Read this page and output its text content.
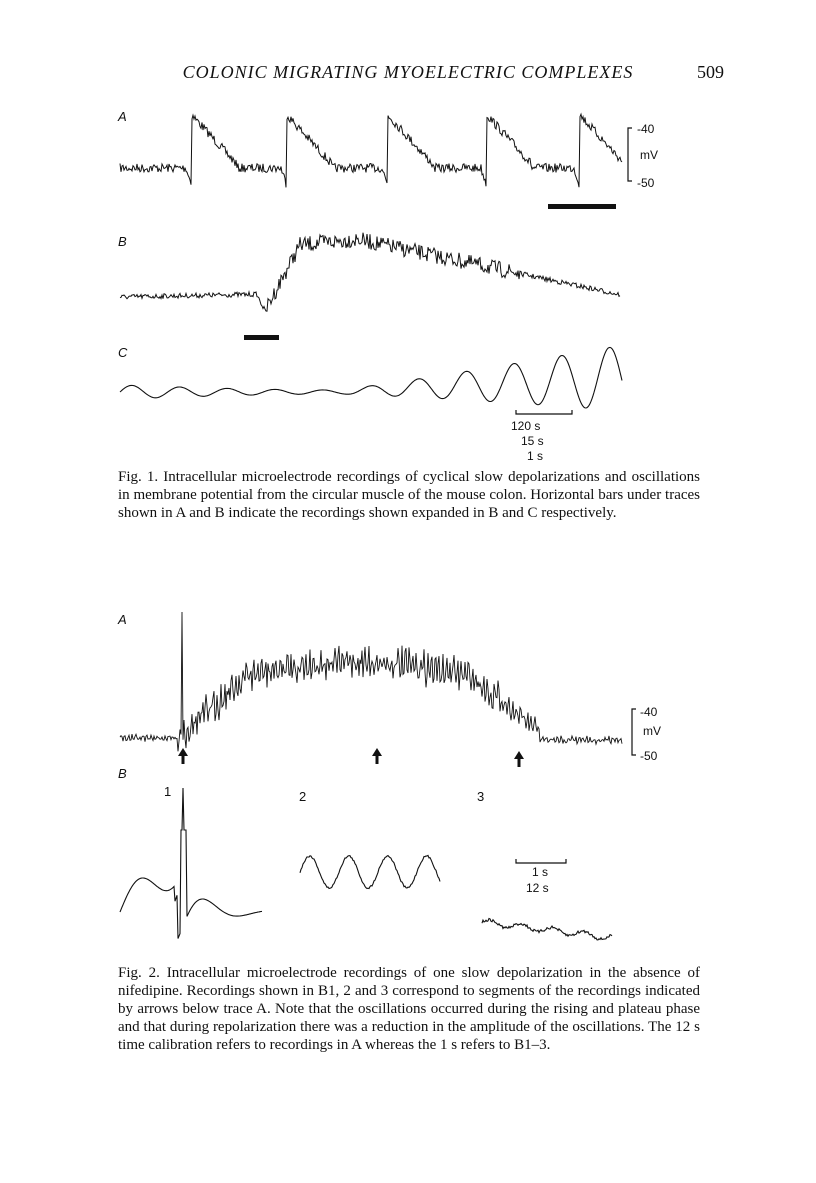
COLONIC MIGRATING MYOELECTRIC COMPLEXES	509
A
B
C
-40
mV
-50
120 s
15 s
1 s
A
B
-40
mV
-50
1	2	3
1 s
12 s
Fig. 1. Intracellular microelectrode recordings of cyclical slow depolarizations and oscillations in membrane potential from the circular muscle of the mouse colon. Horizontal bars under traces shown in A and B indicate the recordings shown expanded in B and C respectively.
Fig. 2. Intracellular microelectrode recordings of one slow depolarization in the absence of nifedipine. Recordings shown in B1, 2 and 3 correspond to segments of the recordings indicated by arrows below trace A. Note that the oscillations occurred during the rising and plateau phase and that during repolarization there was a reduction in the amplitude of the oscillations. The 12 s time calibration refers to recordings in A whereas the 1 s refers to B1–3.
